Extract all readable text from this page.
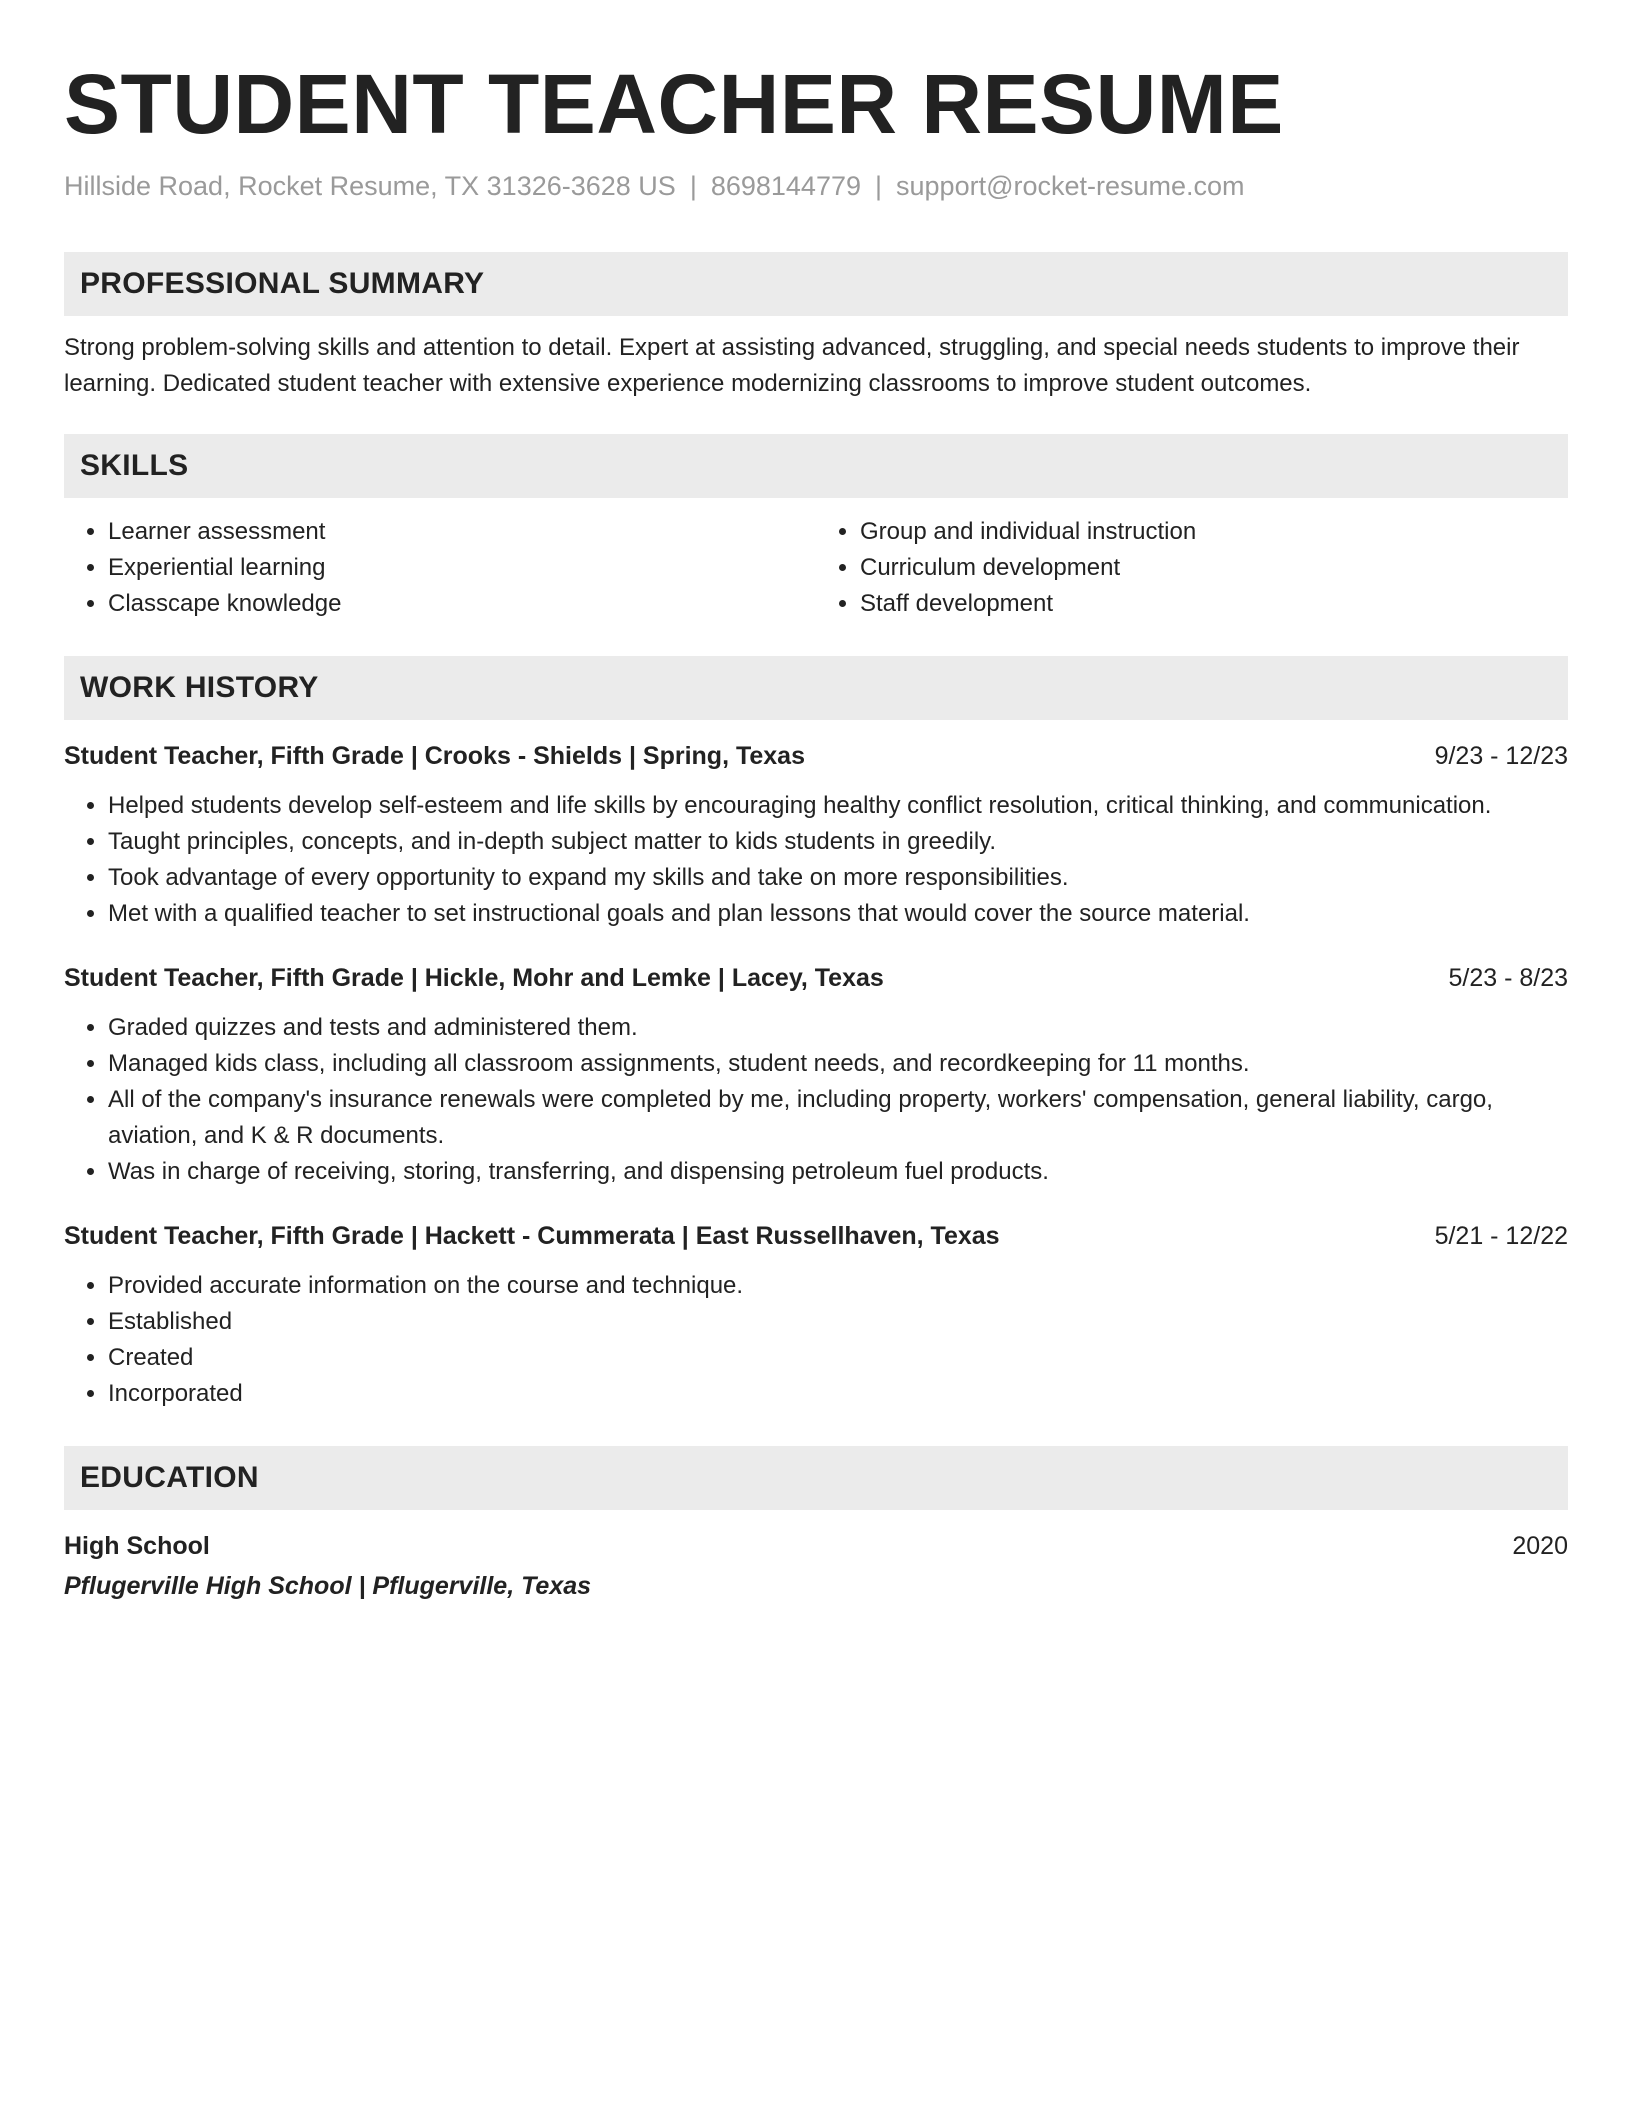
STUDENT TEACHER RESUME
Hillside Road, Rocket Resume, TX 31326-3628 US | 8698144779 | support@rocket-resume.com
PROFESSIONAL SUMMARY
Strong problem-solving skills and attention to detail. Expert at assisting advanced, struggling, and special needs students to improve their learning. Dedicated student teacher with extensive experience modernizing classrooms to improve student outcomes.
SKILLS
• Learner assessment
• Experiential learning
• Classcape knowledge
• Group and individual instruction
• Curriculum development
• Staff development
WORK HISTORY
Student Teacher, Fifth Grade | Crooks - Shields | Spring, Texas	9/23 - 12/23
• Helped students develop self-esteem and life skills by encouraging healthy conflict resolution, critical thinking, and communication.
• Taught principles, concepts, and in-depth subject matter to kids students in greedily.
• Took advantage of every opportunity to expand my skills and take on more responsibilities.
• Met with a qualified teacher to set instructional goals and plan lessons that would cover the source material.
Student Teacher, Fifth Grade | Hickle, Mohr and Lemke | Lacey, Texas	5/23 - 8/23
• Graded quizzes and tests and administered them.
• Managed kids class, including all classroom assignments, student needs, and recordkeeping for 11 months.
• All of the company's insurance renewals were completed by me, including property, workers' compensation, general liability, cargo, aviation, and K & R documents.
• Was in charge of receiving, storing, transferring, and dispensing petroleum fuel products.
Student Teacher, Fifth Grade | Hackett - Cummerata | East Russellhaven, Texas	5/21 - 12/22
• Provided accurate information on the course and technique.
• Established
• Created
• Incorporated
EDUCATION
High School	2020
Pflugerville High School | Pflugerville, Texas
